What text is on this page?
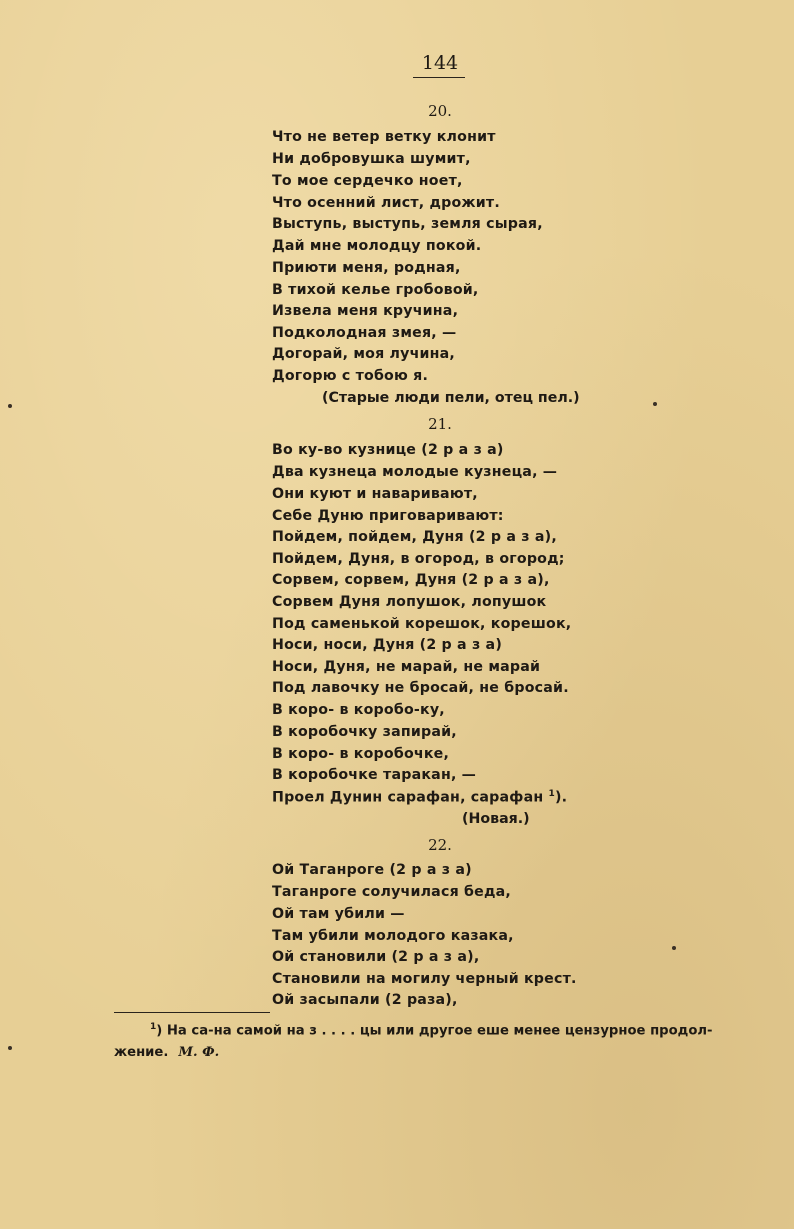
144
20.
Что не ветер ветку клонит
Ни добровушка шумит,
То мое сердечко ноет,
Что осенний лист, дрожит.
Выступь, выступь, земля сырая,
Дай мне молодцу покой.
Приюти меня, родная,
В тихой келье гробовой,
Извела меня кручина,
Подколодная змея, —
Догорай, моя лучина,
Догорю с тобою я.
(Старые люди пели, отец пел.)
21.
Во ку-во кузнице (2 р а з а)
Два кузнеца молодые кузнеца, —
Они куют и наваривают,
Себе Дуню приговаривают:
Пойдем, пойдем, Дуня (2 р а з а),
Пойдем, Дуня, в огород, в огород;
Сорвем, сорвем, Дуня (2 р а з а),
Сорвем Дуня лопушок, лопушок
Под саменькой корешок, корешок,
Носи, носи, Дуня (2 р а з а)
Носи, Дуня, не марай, не марай
Под лавочку не бросай, не бросай.
В коро- в коробо-ку,
В коробочку запирай,
В коро- в коробочке,
В коробочке таракан, —
Проел Дунин сарафан, сарафан $^1$).
(Новая.)
22.
Ой Таганроге (2 р а з а)
Таганроге солучилася беда,
Ой там убили —
Там убили молодого казака,
Ой становили (2 р а з а),
Становили на могилу черный крест.
Ой засыпали (2 раза),
$^1$) На са-на самой на з . . . . цы или другое еше менее цензурное продол-
жение. М. Ф.
